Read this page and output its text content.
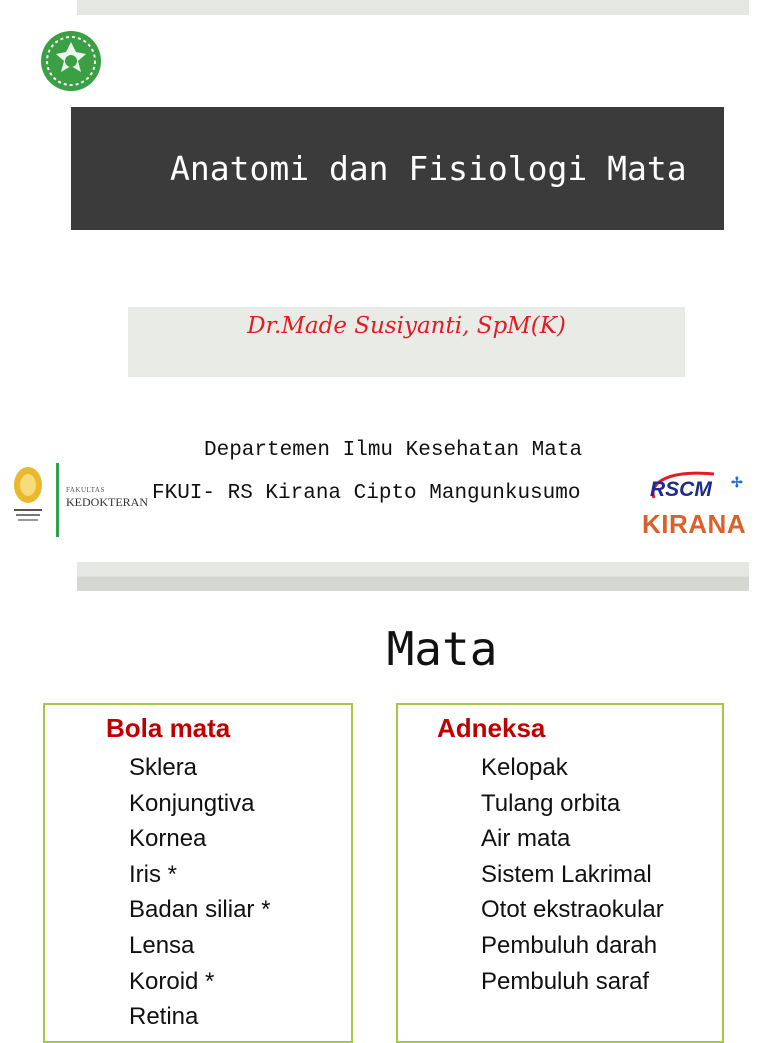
Anatomi dan Fisiologi Mata
Dr.Made Susiyanti, SpM(K)
FAKULTAS
KEDOKTERAN
Departemen Ilmu Kesehatan Mata
FKUI- RS Kirana Cipto Mangunkusumo	RSCM ✢
KIRANA
Mata
Bola mata	Adneksa
Sklera
Konjungtiva
Kornea
Iris *
Badan siliar *
Lensa
Koroid *
Retina
Kelopak
Tulang orbita
Air mata
Sistem Lakrimal
Otot ekstraokular
Pembuluh darah
Pembuluh saraf
